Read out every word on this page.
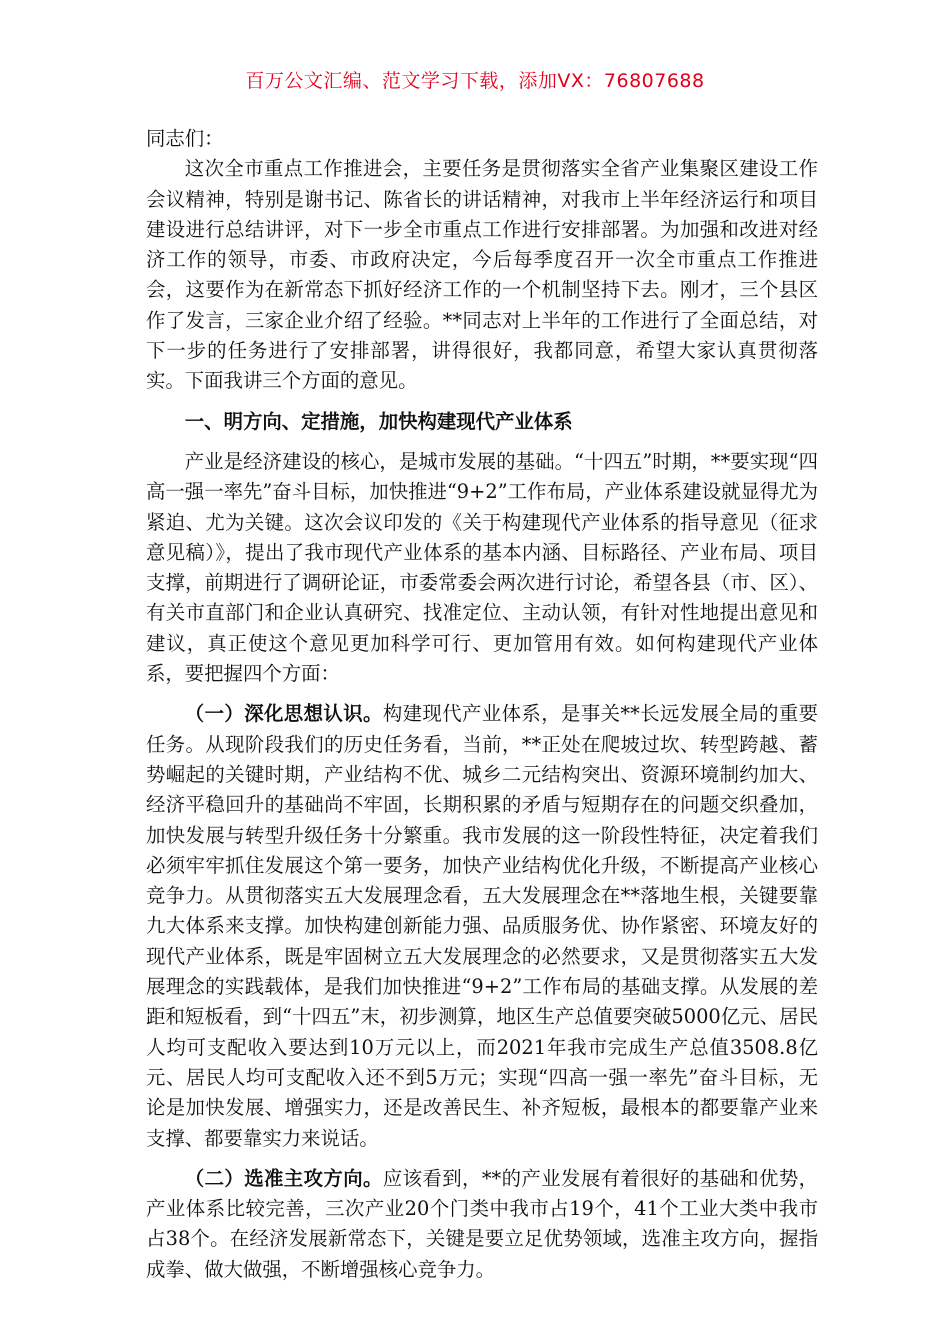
百万公文汇编、范文学习下载，添加VX：76807688

同志们：

这次全市重点工作推进会，主要任务是贯彻落实全省产业集聚区建设工作会议精神，特别是谢书记、陈省长的讲话精神，对我市上半年经济运行和项目建设进行总结讲评，对下一步全市重点工作进行安排部署。为加强和改进对经济工作的领导，市委、市政府决定，今后每季度召开一次全市重点工作推进会，这要作为在新常态下抓好经济工作的一个机制坚持下去。刚才，三个县区作了发言，三家企业介绍了经验。**同志对上半年的工作进行了全面总结，对下一步的任务进行了安排部署，讲得很好，我都同意，希望大家认真贯彻落实。下面我讲三个方面的意见。

一、明方向、定措施，加快构建现代产业体系

产业是经济建设的核心，是城市发展的基础。“十四五”时期，**要实现“四高一强一率先”奋斗目标，加快推进“9+2”工作布局，产业体系建设就显得尤为紧迫、尤为关键。这次会议印发的《关于构建现代产业体系的指导意见（征求意见稿）》，提出了我市现代产业体系的基本内涵、目标路径、产业布局、项目支撑，前期进行了调研论证，市委常委会两次进行讨论，希望各县（市、区）、有关市直部门和企业认真研究、找准定位、主动认领，有针对性地提出意见和建议，真正使这个意见更加科学可行、更加管用有效。如何构建现代产业体系，要把握四个方面：

（一）深化思想认识。构建现代产业体系，是事关**长远发展全局的重要任务。从现阶段我们的历史任务看，当前，**正处在爬坡过坎、转型跨越、蓄势崛起的关键时期，产业结构不优、城乡二元结构突出、资源环境制约加大、经济平稳回升的基础尚不牢固，长期积累的矛盾与短期存在的问题交织叠加，加快发展与转型升级任务十分繁重。我市发展的这一阶段性特征，决定着我们必须牢牢抓住发展这个第一要务，加快产业结构优化升级，不断提高产业核心竞争力。从贯彻落实五大发展理念看，五大发展理念在**落地生根，关键要靠九大体系来支撑。加快构建创新能力强、品质服务优、协作紧密、环境友好的现代产业体系，既是牢固树立五大发展理念的必然要求，又是贯彻落实五大发展理念的实践载体，是我们加快推进“9+2”工作布局的基础支撑。从发展的差距和短板看，到“十四五”末，初步测算，地区生产总值要突破5000亿元、居民人均可支配收入要达到10万元以上，而2021年我市完成生产总值3508.8亿元、居民人均可支配收入还不到5万元；实现“四高一强一率先”奋斗目标，无论是加快发展、增强实力，还是改善民生、补齐短板，最根本的都要靠产业来支撑、都要靠实力来说话。

（二）选准主攻方向。应该看到，**的产业发展有着很好的基础和优势，产业体系比较完善，三次产业20个门类中我市占19个，41个工业大类中我市占38个。在经济发展新常态下，关键是要立足优势领域，选准主攻方向，握指成拳、做大做强，不断增强核心竞争力。
